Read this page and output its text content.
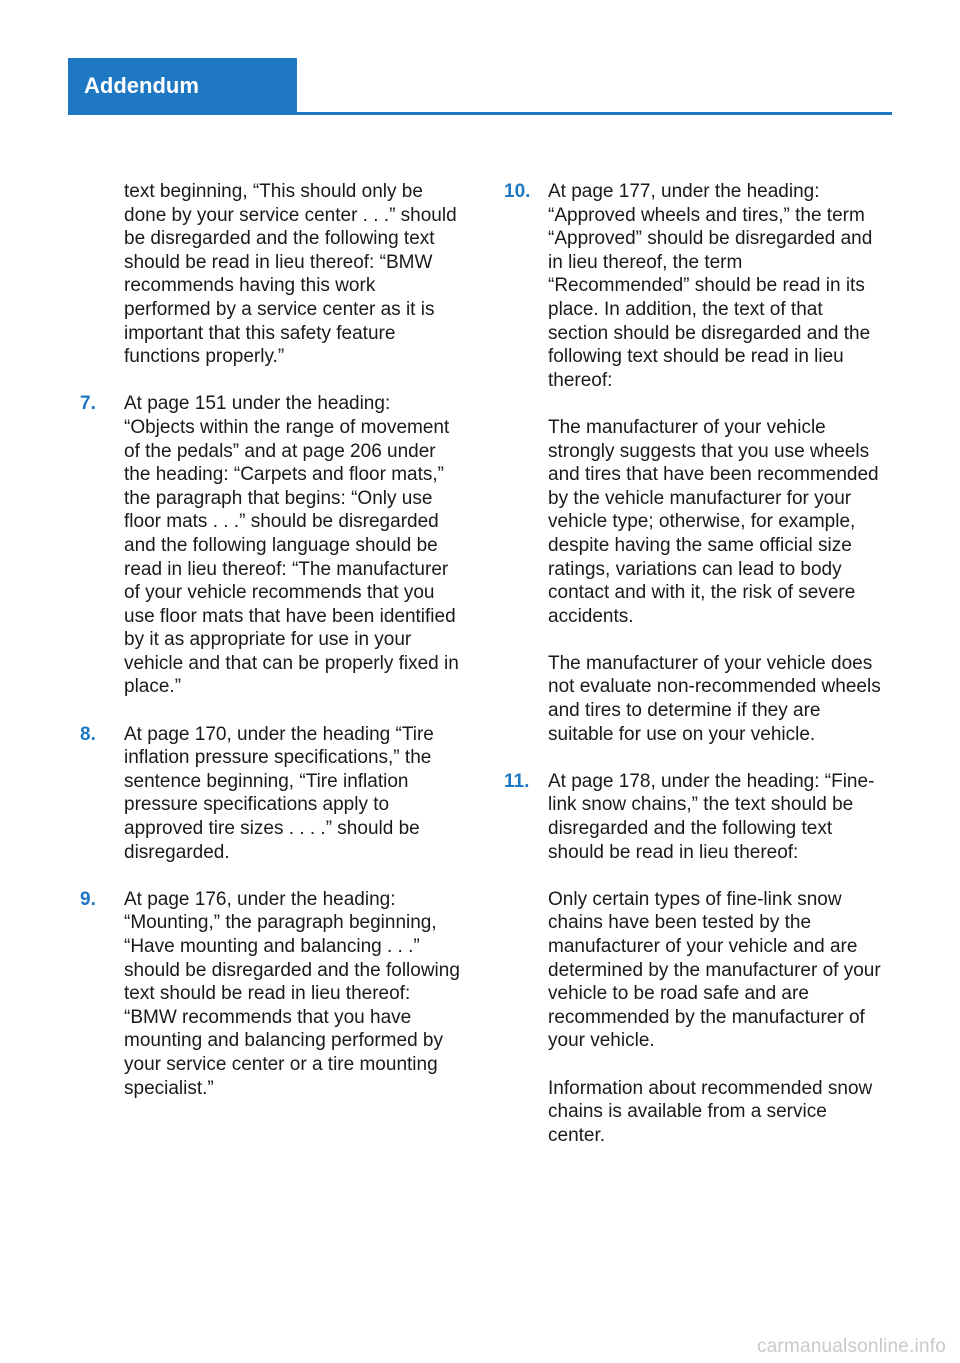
Addendum

text beginning, “This should only be done by your service center . . .” should be disregarded and the following text should be read in lieu thereof: “BMW recommends having this work performed by a service center as it is important that this safety feature functions properly.”

7.	At page 151 under the heading: “Objects within the range of movement of the pedals” and at page 206 under the heading: “Carpets and floor mats,” the paragraph that begins: “Only use floor mats . . .” should be disregarded and the following language should be read in lieu thereof: “The manufacturer of your vehicle recommends that you use floor mats that have been identified by it as appropriate for use in your vehicle and that can be properly fixed in place.”

8.	At page 170, under the heading “Tire inflation pressure specifications,” the sentence beginning, “Tire inflation pressure specifications apply to approved tire sizes . . . .” should be disregarded.

9.	At page 176, under the heading: “Mounting,” the paragraph beginning, “Have mounting and balancing . . .” should be disregarded and the following text should be read in lieu thereof: “BMW recommends that you have mounting and balancing performed by your service center or a tire mounting specialist.”

10. At page 177, under the heading: “Approved wheels and tires,” the term “Approved” should be disregarded and in lieu thereof, the term “Recommended” should be read in its place. In addition, the text of that section should be disregarded and the following text should be read in lieu thereof:

The manufacturer of your vehicle strongly suggests that you use wheels and tires that have been recommended by the vehicle manufacturer for your vehicle type; otherwise, for example, despite having the same official size ratings, variations can lead to body contact and with it, the risk of severe accidents.

The manufacturer of your vehicle does not evaluate non-recommended wheels and tires to determine if they are suitable for use on your vehicle.

11. At page 178, under the heading: “Fine-link snow chains,” the text should be disregarded and the following text should be read in lieu thereof:

Only certain types of fine-link snow chains have been tested by the manufacturer of your vehicle and are determined by the manufacturer of your vehicle to be road safe and are recommended by the manufacturer of your vehicle.

Information about recommended snow chains is available from a service center.

carmanualsonline.info
